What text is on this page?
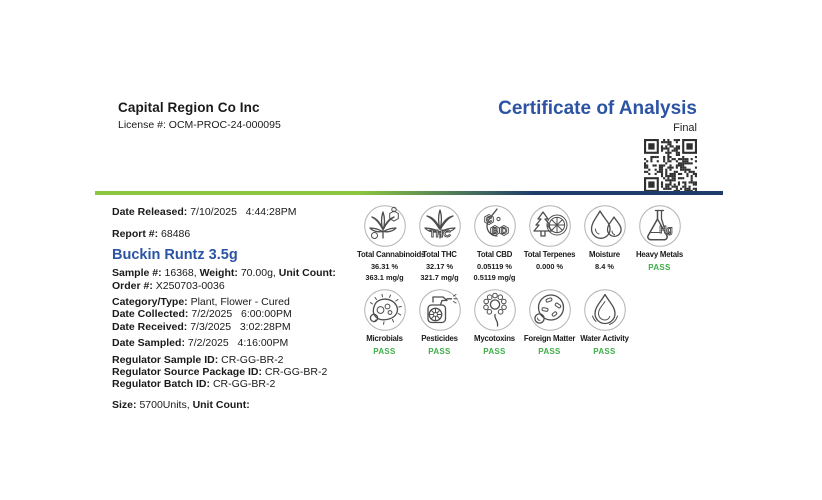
Capital Region Co Inc
License #: OCM-PROC-24-000095
Certificate of Analysis
Final
Date Released: 7/10/2025   4:44:28PM
Report #: 68486
Buckin Runtz 3.5g
Sample #: 16368, Weight: 70.00g, Unit Count:
Order #: X250703-0036
Category/Type: Plant, Flower - Cured
Date Collected: 7/2/2025   6:00:00PM
Date Received: 7/3/2025   3:02:28PM
Date Sampled: 7/2/2025   4:16:00PM
Regulator Sample ID: CR-GG-BR-2
Regulator Source Package ID: CR-GG-BR-2
Regulator Batch ID: CR-GG-BR-2
Size: 5700Units, Unit Count:
Total Cannabinoids
36.31 %
363.1 mg/g
THC
Total THC
32.17 %
321.7 mg/g
C
B D
Total CBD
0.05119 %
0.5119 mg/g
Total Terpenes
0.000 %
Moisture
8.4 %
Hg
Heavy Metals
PASS
Microbials
PASS
Pesticides
PASS
Mycotoxins
PASS
Foreign Matter
PASS
Water Activity
PASS
